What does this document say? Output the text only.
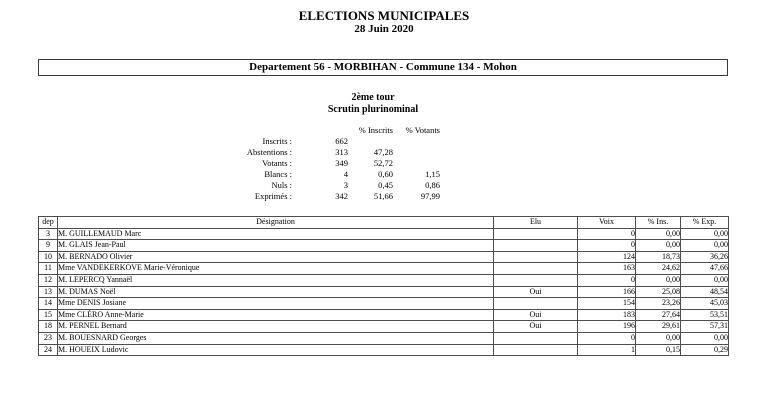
ELECTIONS MUNICIPALES
28 Juin 2020
Departement 56 - MORBIHAN - Commune 134 - Mohon
2ème tour
Scrutin plurinominal
		% Inscrits	% Votants
Inscrits :	662		
Abstentions :	313	47,28	
Votants :	349	52,72	
Blancs :	4	0,60	1,15
Nuls :	3	0,45	0,86
Exprimés :	342	51,66	97,99
dep	Désignation	Elu	Voix	% Ins.	% Exp.
3	M. GUILLEMAUD Marc		0	0,00	0,00
9	M. GLAIS Jean-Paul		0	0,00	0,00
10	M. BERNADO Olivier		124	18,73	36,26
11	Mme VANDEKERKOVE Marie-Véronique		163	24,62	47,66
12	M. LEPERCQ Yannaël		0	0,00	0,00
13	M. DUMAS Noël	Oui	166	25,08	48,54
14	Mme DENIS Josiane		154	23,26	45,03
15	Mme CLÉRO Anne-Marie	Oui	183	27,64	53,51
18	M. PERNEL Bernard	Oui	196	29,61	57,31
23	M. BOUESNARD Georges		0	0,00	0,00
24	M. HOUEIX Ludovic		1	0,15	0,29
